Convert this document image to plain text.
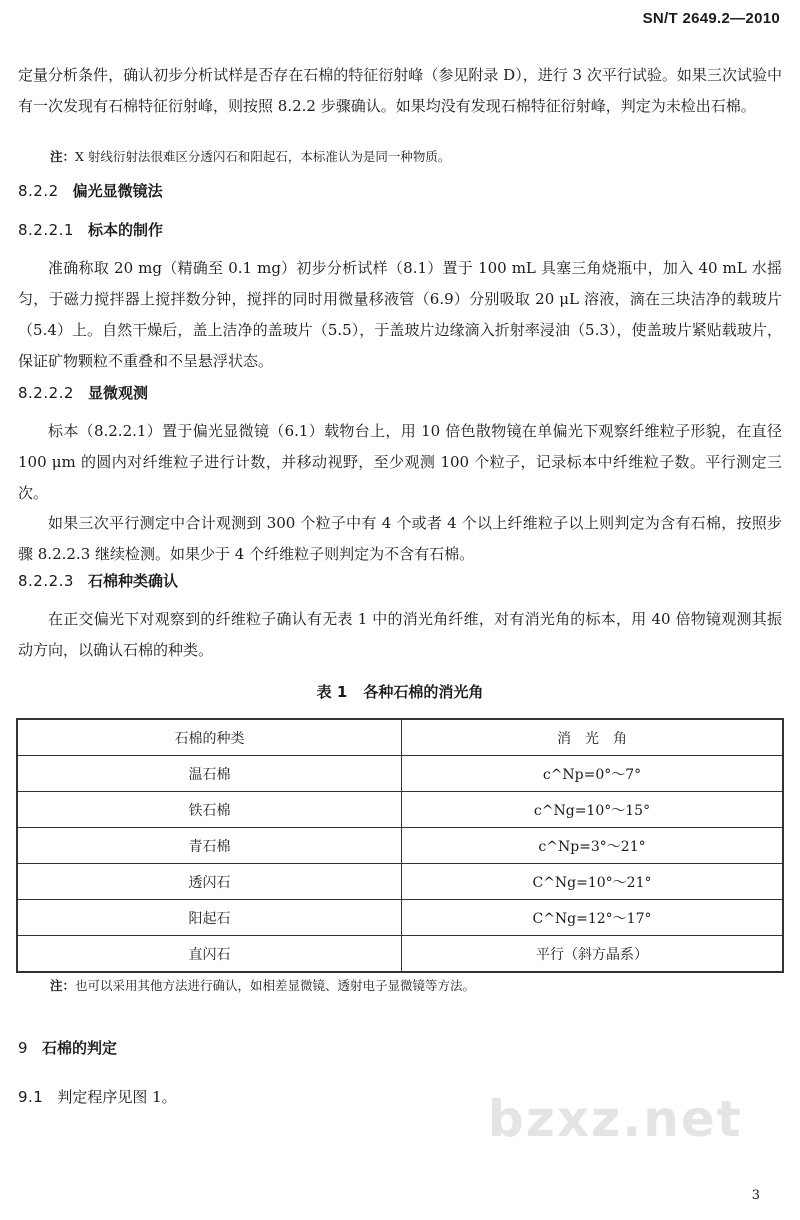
SN/T 2649.2—2010

定量分析条件，确认初步分析试样是否存在石棉的特征衍射峰（参见附录 D），进行 3 次平行试验。如果三次试验中有一次发现有石棉特征衍射峰，则按照 8.2.2 步骤确认。如果均没有发现石棉特征衍射峰，判定为未检出石棉。

注：X 射线衍射法很难区分透闪石和阳起石，本标准认为是同一种物质。

8.2.2 偏光显微镜法
8.2.2.1 标本的制作

准确称取 20 mg（精确至 0.1 mg）初步分析试样（8.1）置于 100 mL 具塞三角烧瓶中，加入 40 mL 水摇匀，于磁力搅拌器上搅拌数分钟，搅拌的同时用微量移液管（6.9）分别吸取 20 μL 溶液，滴在三块洁净的载玻片（5.4）上。自然干燥后，盖上洁净的盖玻片（5.5），于盖玻片边缘滴入折射率浸油（5.3），使盖玻片紧贴载玻片，保证矿物颗粒不重叠和不呈悬浮状态。

8.2.2.2 显微观测

标本（8.2.2.1）置于偏光显微镜（6.1）载物台上，用 10 倍色散物镜在单偏光下观察纤维粒子形貌，在直径 100 μm 的圆内对纤维粒子进行计数，并移动视野，至少观测 100 个粒子，记录标本中纤维粒子数。平行测定三次。

如果三次平行测定中合计观测到 300 个粒子中有 4 个或者 4 个以上纤维粒子以上则判定为含有石棉，按照步骤 8.2.2.3 继续检测。如果少于 4 个纤维粒子则判定为不含有石棉。

8.2.2.3 石棉种类确认

在正交偏光下对观察到的纤维粒子确认有无表 1 中的消光角纤维，对有消光角的标本，用 40 倍物镜观测其振动方向，以确认石棉的种类。

表 1 各种石棉的消光角
石棉的种类	消　光　角
温石棉	c^Np=0°～7°
铁石棉	c^Ng=10°～15°
青石棉	c^Np=3°～21°
透闪石	C^Ng=10°～21°
阳起石	C^Ng=12°～17°
直闪石	平行（斜方晶系）

注：也可以采用其他方法进行确认，如相差显微镜、透射电子显微镜等方法。

9 石棉的判定

9.1 判定程序见图 1。	bzxz.net
3
